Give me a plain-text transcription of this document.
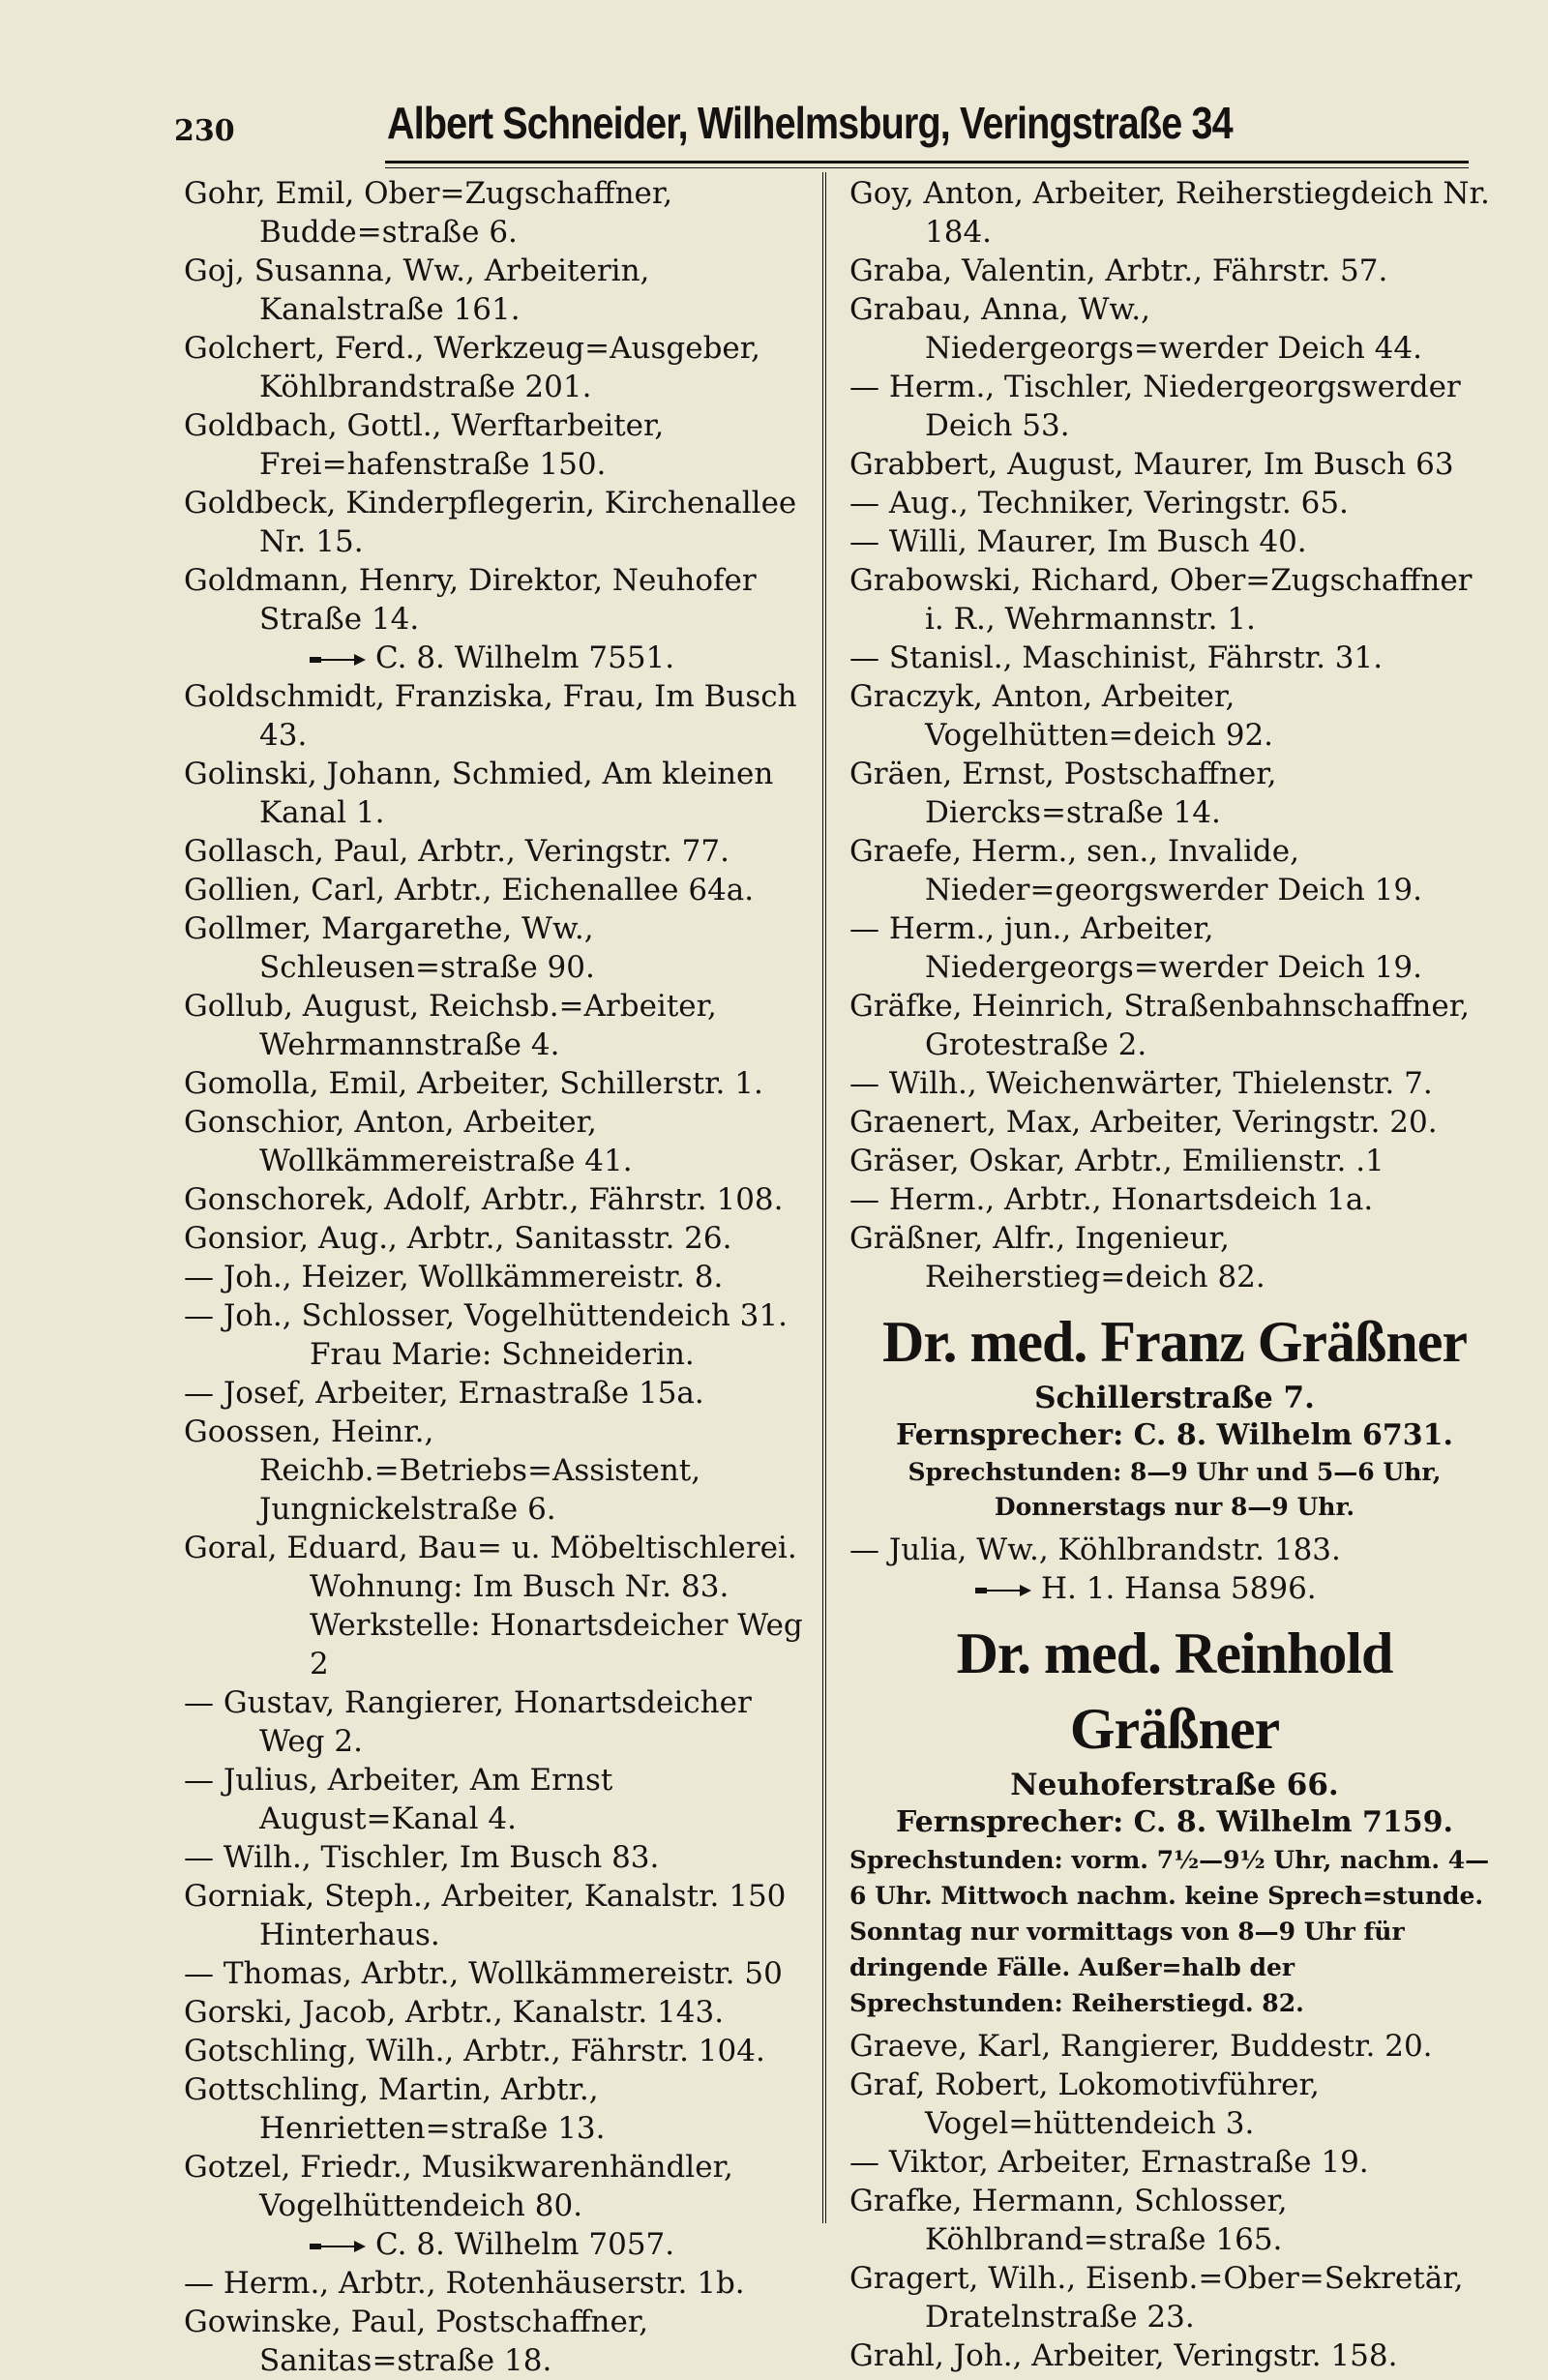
230	Albert Schneider, Wilhelmsburg, Veringstraße 34

Gohr, Emil, Ober=Zugschaffner, Budde=straße 6.

Goj, Susanna, Ww., Arbeiterin, Kanalstraße 161.

Golchert, Ferd., Werkzeug=Ausgeber, Köhlbrandstraße 201.

Goldbach, Gottl., Werftarbeiter, Frei=hafenstraße 150.

Goldbeck, Kinderpflegerin, Kirchenallee Nr. 15.

Goldmann, Henry, Direktor, Neuhofer Straße 14.

C. 8. Wilhelm 7551.

Goldschmidt, Franziska, Frau, Im Busch 43.

Golinski, Johann, Schmied, Am kleinen Kanal 1.

Gollasch, Paul, Arbtr., Veringstr. 77.

Gollien, Carl, Arbtr., Eichenallee 64a.

Gollmer, Margarethe, Ww., Schleusen=straße 90.

Gollub, August, Reichsb.=Arbeiter, Wehrmannstraße 4.

Gomolla, Emil, Arbeiter, Schillerstr. 1.

Gonschior, Anton, Arbeiter, Wollkämmereistraße 41.

Gonschorek, Adolf, Arbtr., Fährstr. 108.

Gonsior, Aug., Arbtr., Sanitasstr. 26.

— Joh., Heizer, Wollkämmereistr. 8.

— Joh., Schlosser, Vogelhüttendeich 31.

Frau Marie: Schneiderin.

— Josef, Arbeiter, Ernastraße 15a.

Goossen, Heinr., Reichb.=Betriebs=Assistent, Jungnickelstraße 6.

Goral, Eduard, Bau= u. Möbeltischlerei.

Wohnung: Im Busch Nr. 83.

Werkstelle: Honartsdeicher Weg 2

— Gustav, Rangierer, Honartsdeicher Weg 2.

— Julius, Arbeiter, Am Ernst August=Kanal 4.

— Wilh., Tischler, Im Busch 83.

Gorniak, Steph., Arbeiter, Kanalstr. 150 Hinterhaus.

— Thomas, Arbtr., Wollkämmereistr. 50

Gorski, Jacob, Arbtr., Kanalstr. 143.

Gotschling, Wilh., Arbtr., Fährstr. 104.

Gottschling, Martin, Arbtr., Henrietten=straße 13.

Gotzel, Friedr., Musikwarenhändler, Vogelhüttendeich 80.

C. 8. Wilhelm 7057.

— Herm., Arbtr., Rotenhäuserstr. 1b.

Gowinske, Paul, Postschaffner, Sanitas=straße 18.

Goy, Anton, Arbeiter, Reiherstiegdeich Nr. 184.

Graba, Valentin, Arbtr., Fährstr. 57.

Grabau, Anna, Ww., Niedergeorgs=werder Deich 44.

— Herm., Tischler, Niedergeorgswerder Deich 53.

Grabbert, August, Maurer, Im Busch 63

— Aug., Techniker, Veringstr. 65.

— Willi, Maurer, Im Busch 40.

Grabowski, Richard, Ober=Zugschaffner i. R., Wehrmannstr. 1.

— Stanisl., Maschinist, Fährstr. 31.

Graczyk, Anton, Arbeiter, Vogelhütten=deich 92.

Gräen, Ernst, Postschaffner, Diercks=straße 14.

Graefe, Herm., sen., Invalide, Nieder=georgswerder Deich 19.

— Herm., jun., Arbeiter, Niedergeorgs=werder Deich 19.

Gräfke, Heinrich, Straßenbahnschaffner, Grotestraße 2.

— Wilh., Weichenwärter, Thielenstr. 7.

Graenert, Max, Arbeiter, Veringstr. 20.

Gräser, Oskar, Arbtr., Emilienstr. .1

— Herm., Arbtr., Honartsdeich 1a.

Gräßner, Alfr., Ingenieur, Reiherstieg=deich 82.

Dr. med. Franz Gräßner
Schillerstraße 7.
Fernsprecher: C. 8. Wilhelm 6731.
Sprechstunden: 8—9 Uhr und 5—6 Uhr,
Donnerstags nur 8—9 Uhr.

— Julia, Ww., Köhlbrandstr. 183.

H. 1. Hansa 5896.

Dr. med. Reinhold Gräßner
Neuhoferstraße 66.
Fernsprecher: C. 8. Wilhelm 7159.
Sprechstunden: vorm. 7½—9½ Uhr, nachm. 4—6 Uhr. Mittwoch nachm. keine Sprech=stunde. Sonntag nur vormittags von 8—9 Uhr für dringende Fälle. Außer=halb der Sprechstunden: Reiherstiegd. 82.

Graeve, Karl, Rangierer, Buddestr. 20.

Graf, Robert, Lokomotivführer, Vogel=hüttendeich 3.

— Viktor, Arbeiter, Ernastraße 19.

Grafke, Hermann, Schlosser, Köhlbrand=straße 165.

Gragert, Wilh., Eisenb.=Ober=Sekretär, Dratelnstraße 23.

Grahl, Joh., Arbeiter, Veringstr. 158.
